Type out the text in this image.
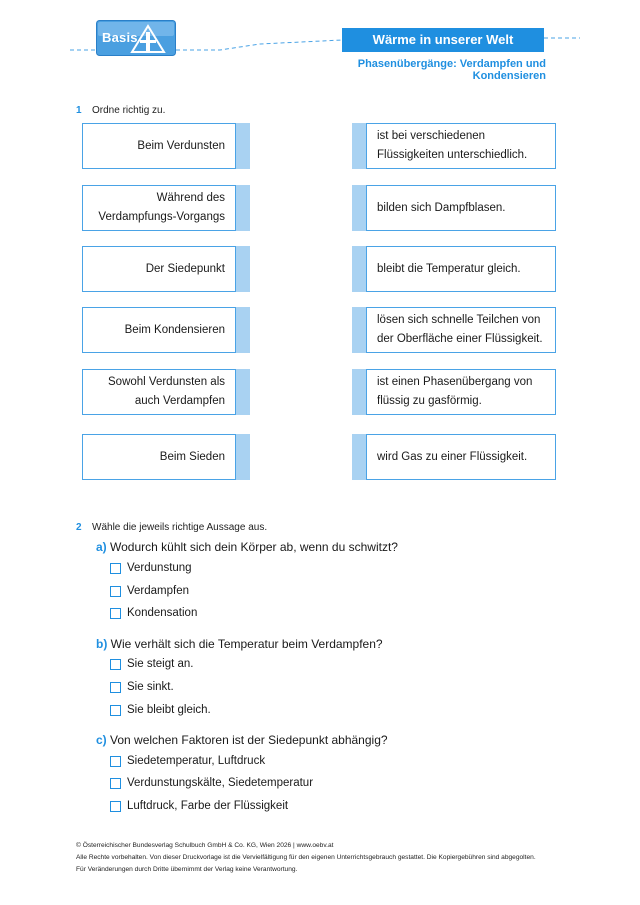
Basis	Wärme in unserer Welt
Phasenübergänge: Verdampfen und Kondensieren
1 Ordne richtig zu.
Beim Verdunsten
Während des Verdampfungs-Vorgangs
Der Siedepunkt
Beim Kondensieren
Sowohl Verdunsten als auch Verdampfen
Beim Sieden
ist bei verschiedenen Flüssigkeiten unterschiedlich.
bilden sich Dampfblasen.
bleibt die Temperatur gleich.
lösen sich schnelle Teilchen von der Oberfläche einer Flüssigkeit.
ist einen Phasenübergang von flüssig zu gasförmig.
wird Gas zu einer Flüssigkeit.
2 Wähle die jeweils richtige Aussage aus.
a) Wodurch kühlt sich dein Körper ab, wenn du schwitzt?
Verdunstung
Verdampfen
Kondensation
b) Wie verhält sich die Temperatur beim Verdampfen?
Sie steigt an.
Sie sinkt.
Sie bleibt gleich.
c) Von welchen Faktoren ist der Siedepunkt abhängig?
Siedetemperatur, Luftdruck
Verdunstungskälte, Siedetemperatur
Luftdruck, Farbe der Flüssigkeit
© Österreichischer Bundesverlag Schulbuch GmbH & Co. KG, Wien 2026 | www.oebv.at
Alle Rechte vorbehalten. Von dieser Druckvorlage ist die Vervielfältigung für den eigenen Unterrichtsgebrauch gestattet. Die Kopiergebühren sind abgegolten.
Für Veränderungen durch Dritte übernimmt der Verlag keine Verantwortung.
